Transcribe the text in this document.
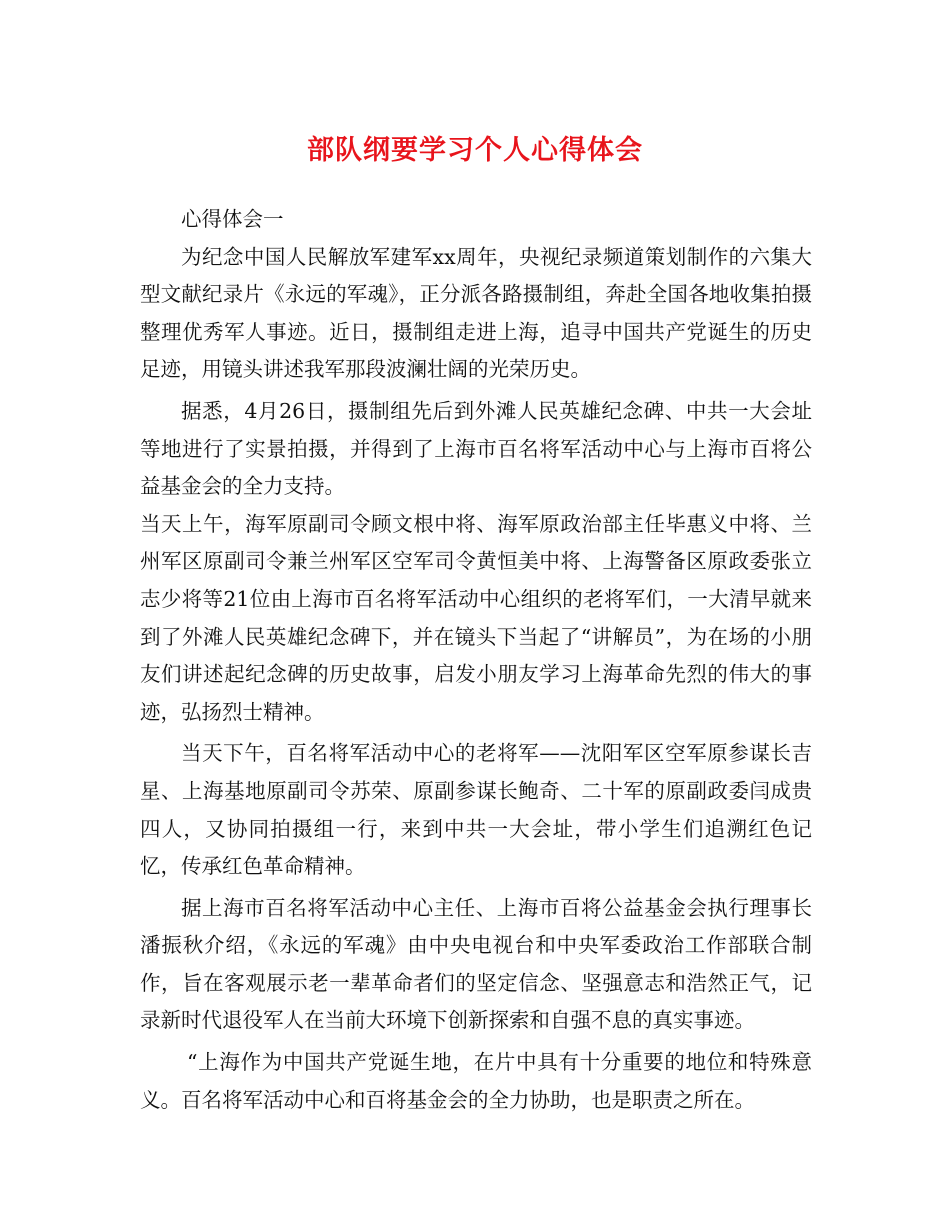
部队纲要学习个人心得体会

心得体会一

为纪念中国人民解放军建军xx周年，央视纪录频道策划制作的六集大型文献纪录片《永远的军魂》，正分派各路摄制组，奔赴全国各地收集拍摄整理优秀军人事迹。近日，摄制组走进上海，追寻中国共产党诞生的历史足迹，用镜头讲述我军那段波澜壮阔的光荣历史。

据悉，4月26日，摄制组先后到外滩人民英雄纪念碑、中共一大会址等地进行了实景拍摄，并得到了上海市百名将军活动中心与上海市百将公益基金会的全力支持。

当天上午，海军原副司令顾文根中将、海军原政治部主任毕惠义中将、兰州军区原副司令兼兰州军区空军司令黄恒美中将、上海警备区原政委张立志少将等21位由上海市百名将军活动中心组织的老将军们，一大清早就来到了外滩人民英雄纪念碑下，并在镜头下当起了“讲解员”，为在场的小朋友们讲述起纪念碑的历史故事，启发小朋友学习上海革命先烈的伟大的事迹，弘扬烈士精神。

当天下午，百名将军活动中心的老将军——沈阳军区空军原参谋长吉星、上海基地原副司令苏荣、原副参谋长鲍奇、二十军的原副政委闫成贵四人，又协同拍摄组一行，来到中共一大会址，带小学生们追溯红色记忆，传承红色革命精神。

据上海市百名将军活动中心主任、上海市百将公益基金会执行理事长潘振秋介绍，《永远的军魂》由中央电视台和中央军委政治工作部联合制作，旨在客观展示老一辈革命者们的坚定信念、坚强意志和浩然正气，记录新时代退役军人在当前大环境下创新探索和自强不息的真实事迹。

“上海作为中国共产党诞生地，在片中具有十分重要的地位和特殊意义。百名将军活动中心和百将基金会的全力协助，也是职责之所在。
